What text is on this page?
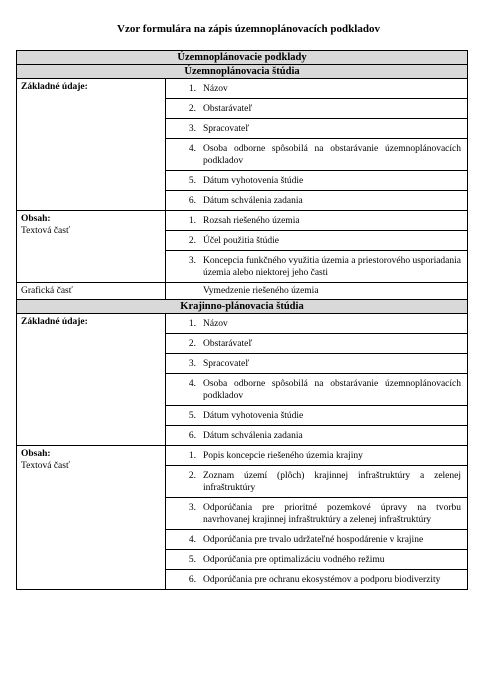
Vzor formulára na zápis územnoplánovacích podkladov
Územnoplánovacie podklady	
Územnoplánovacia štúdia	
Základné údaje:	1. Názov

	2. Obstarávateľ

	3. Spracovateľ

	4. Osoba odborne spôsobilá na obstarávanie územnoplánovacích podkladov

	5. Dátum vyhotovenia štúdie

	6. Dátum schválenia zadania

Obsah:
Textová časť	1. Rozsah riešeného územia

	2. Účel použitia štúdie

	3. Koncepcia funkčného využitia územia a priestorového usporiadania územia alebo niektorej jeho časti

Grafická časť	Vymedzenie riešeného územia

Krajinno-plánovacia štúdia	
Základné údaje:	1. Názov

	2. Obstarávateľ

	3. Spracovateľ

	4. Osoba odborne spôsobilá na obstarávanie územnoplánovacích podkladov

	5. Dátum vyhotovenia štúdie

	6. Dátum schválenia zadania

Obsah:
Textová časť	1. Popis koncepcie riešeného územia krajiny

	2. Zoznam území (plôch) krajinnej infraštruktúry a zelenej infraštruktúry

	3. Odporúčania pre prioritné pozemkové úpravy na tvorbu navrhovanej krajinnej infraštruktúry a zelenej infraštruktúry

	4. Odporúčania pre trvalo udržateľné hospodárenie v krajine

	5. Odporúčania pre optimalizáciu vodného režimu

	6. Odporúčania pre ochranu ekosystémov a podporu biodiverzity
